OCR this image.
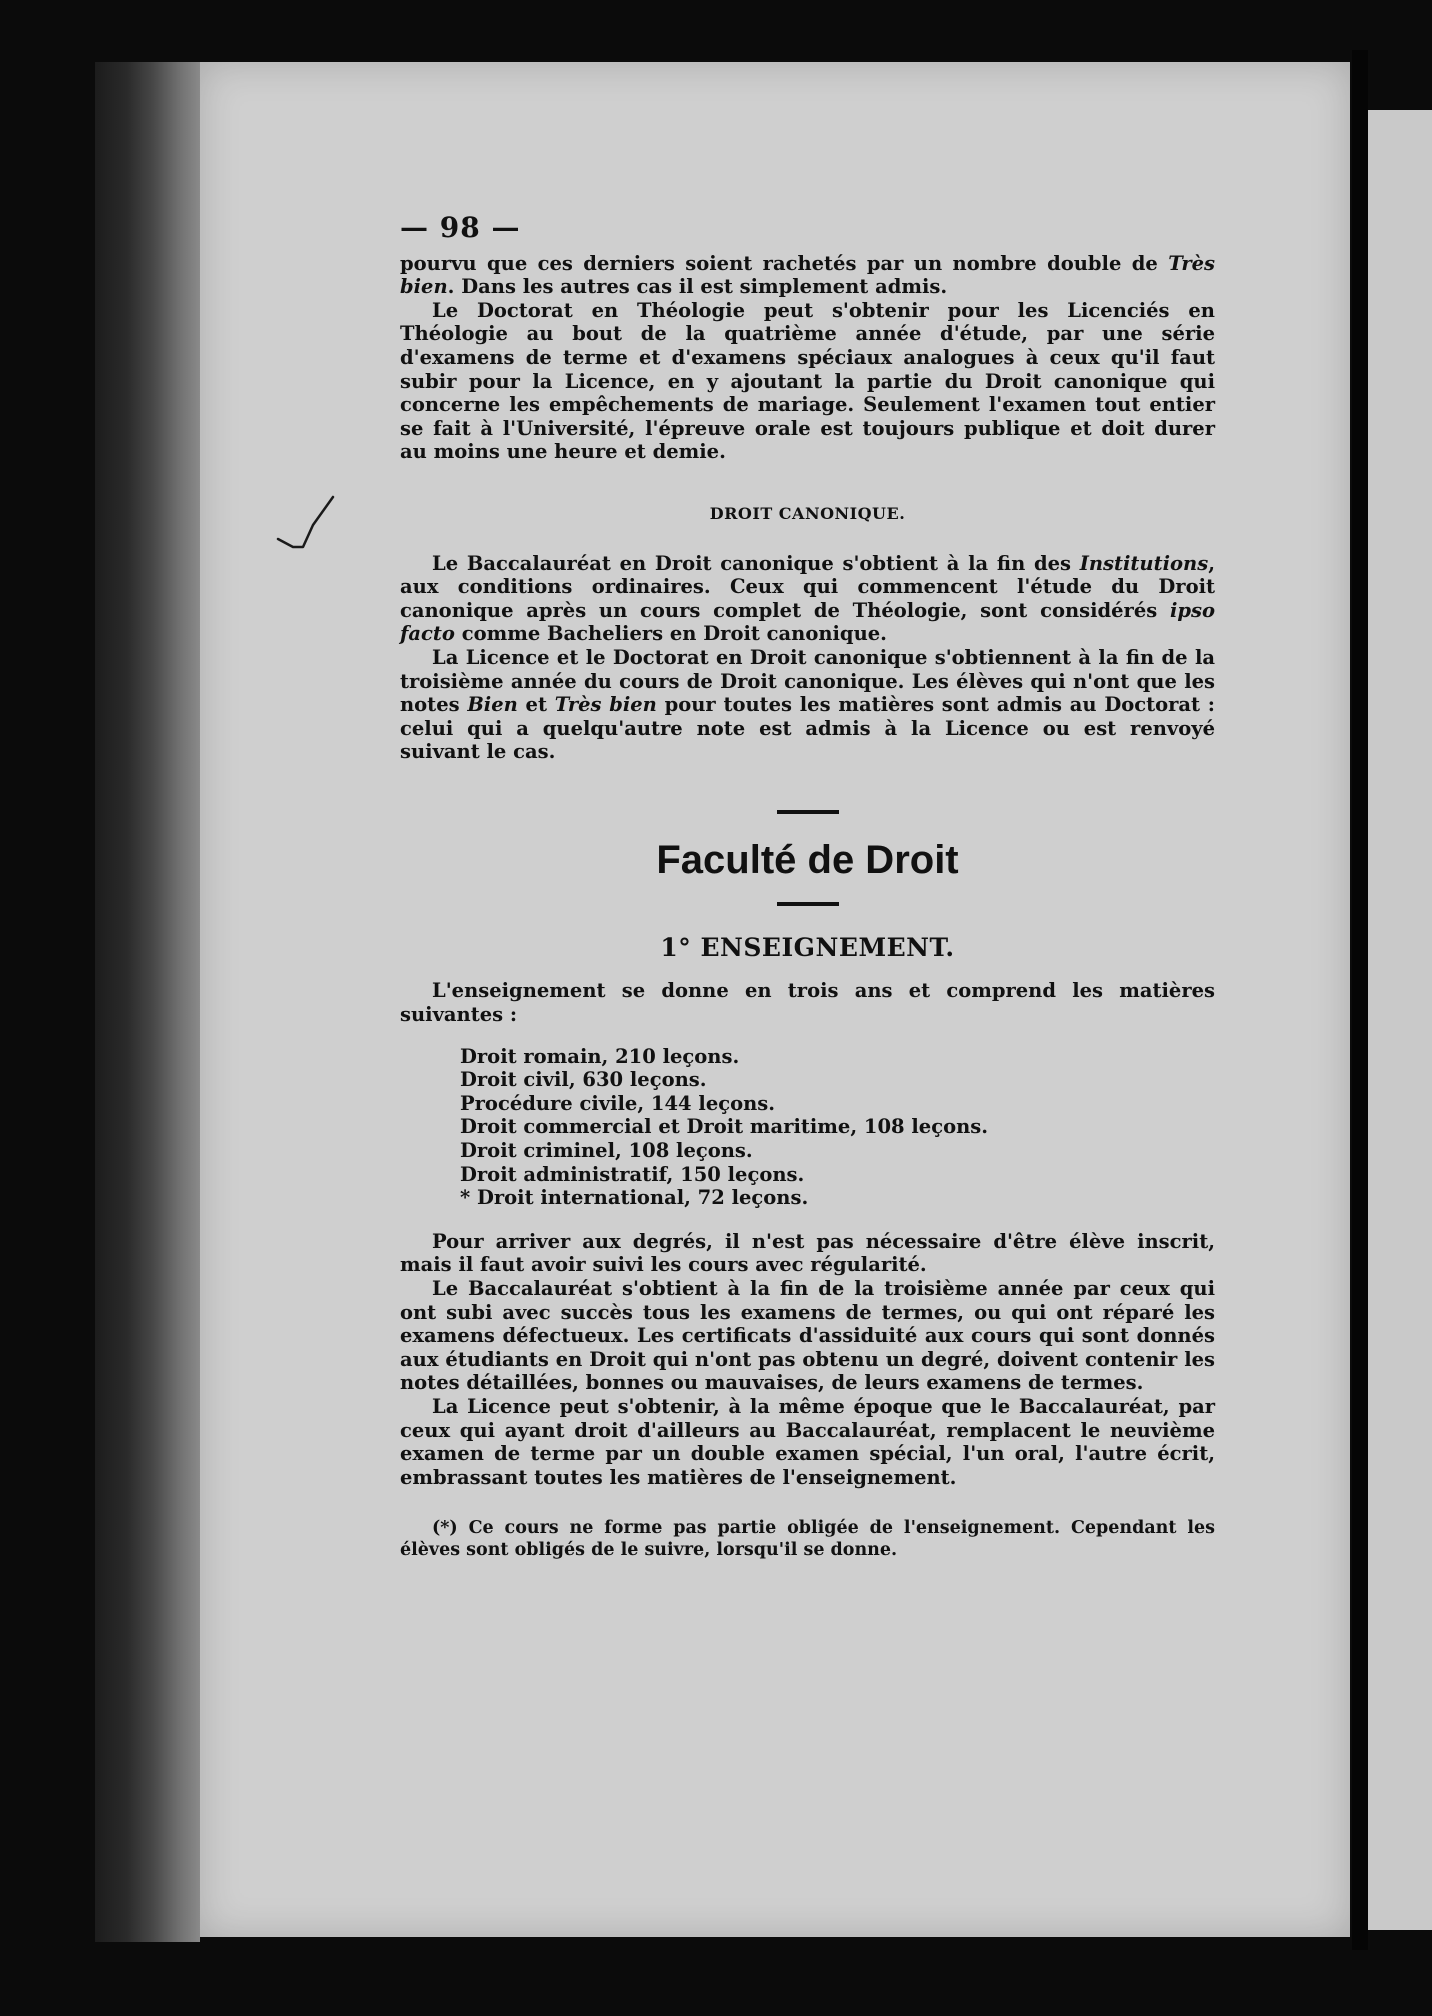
— 98 —

pourvu que ces derniers soient rachetés par un nombre double de Très bien. Dans les autres cas il est simplement admis.

Le Doctorat en Théologie peut s'obtenir pour les Licenciés en Théologie au bout de la quatrième année d'étude, par une série d'examens de terme et d'examens spéciaux analogues à ceux qu'il faut subir pour la Licence, en y ajoutant la partie du Droit canonique qui concerne les empêchements de mariage. Seulement l'examen tout entier se fait à l'Université, l'épreuve orale est toujours publique et doit durer au moins une heure et demie.

DROIT CANONIQUE.

Le Baccalauréat en Droit canonique s'obtient à la fin des Institutions, aux conditions ordinaires. Ceux qui commencent l'étude du Droit canonique après un cours complet de Théologie, sont considérés ipso facto comme Bacheliers en Droit canonique.

La Licence et le Doctorat en Droit canonique s'obtiennent à la fin de la troisième année du cours de Droit canonique. Les élèves qui n'ont que les notes Bien et Très bien pour toutes les matières sont admis au Doctorat : celui qui a quelqu'autre note est admis à la Licence ou est renvoyé suivant le cas.

Faculté de Droit

1° ENSEIGNEMENT.

L'enseignement se donne en trois ans et comprend les matières suivantes :

Droit romain, 210 leçons.
Droit civil, 630 leçons.
Procédure civile, 144 leçons.
Droit commercial et Droit maritime, 108 leçons.
Droit criminel, 108 leçons.
Droit administratif, 150 leçons.
* Droit international, 72 leçons.

Pour arriver aux degrés, il n'est pas nécessaire d'être élève inscrit, mais il faut avoir suivi les cours avec régularité.

Le Baccalauréat s'obtient à la fin de la troisième année par ceux qui ont subi avec succès tous les examens de termes, ou qui ont réparé les examens défectueux. Les certificats d'assiduité aux cours qui sont donnés aux étudiants en Droit qui n'ont pas obtenu un degré, doivent contenir les notes détaillées, bonnes ou mauvaises, de leurs examens de termes.

La Licence peut s'obtenir, à la même époque que le Baccalauréat, par ceux qui ayant droit d'ailleurs au Baccalauréat, remplacent le neuvième examen de terme par un double examen spécial, l'un oral, l'autre écrit, embrassant toutes les matières de l'enseignement.

(*) Ce cours ne forme pas partie obligée de l'enseignement. Cependant les élèves sont obligés de le suivre, lorsqu'il se donne.
